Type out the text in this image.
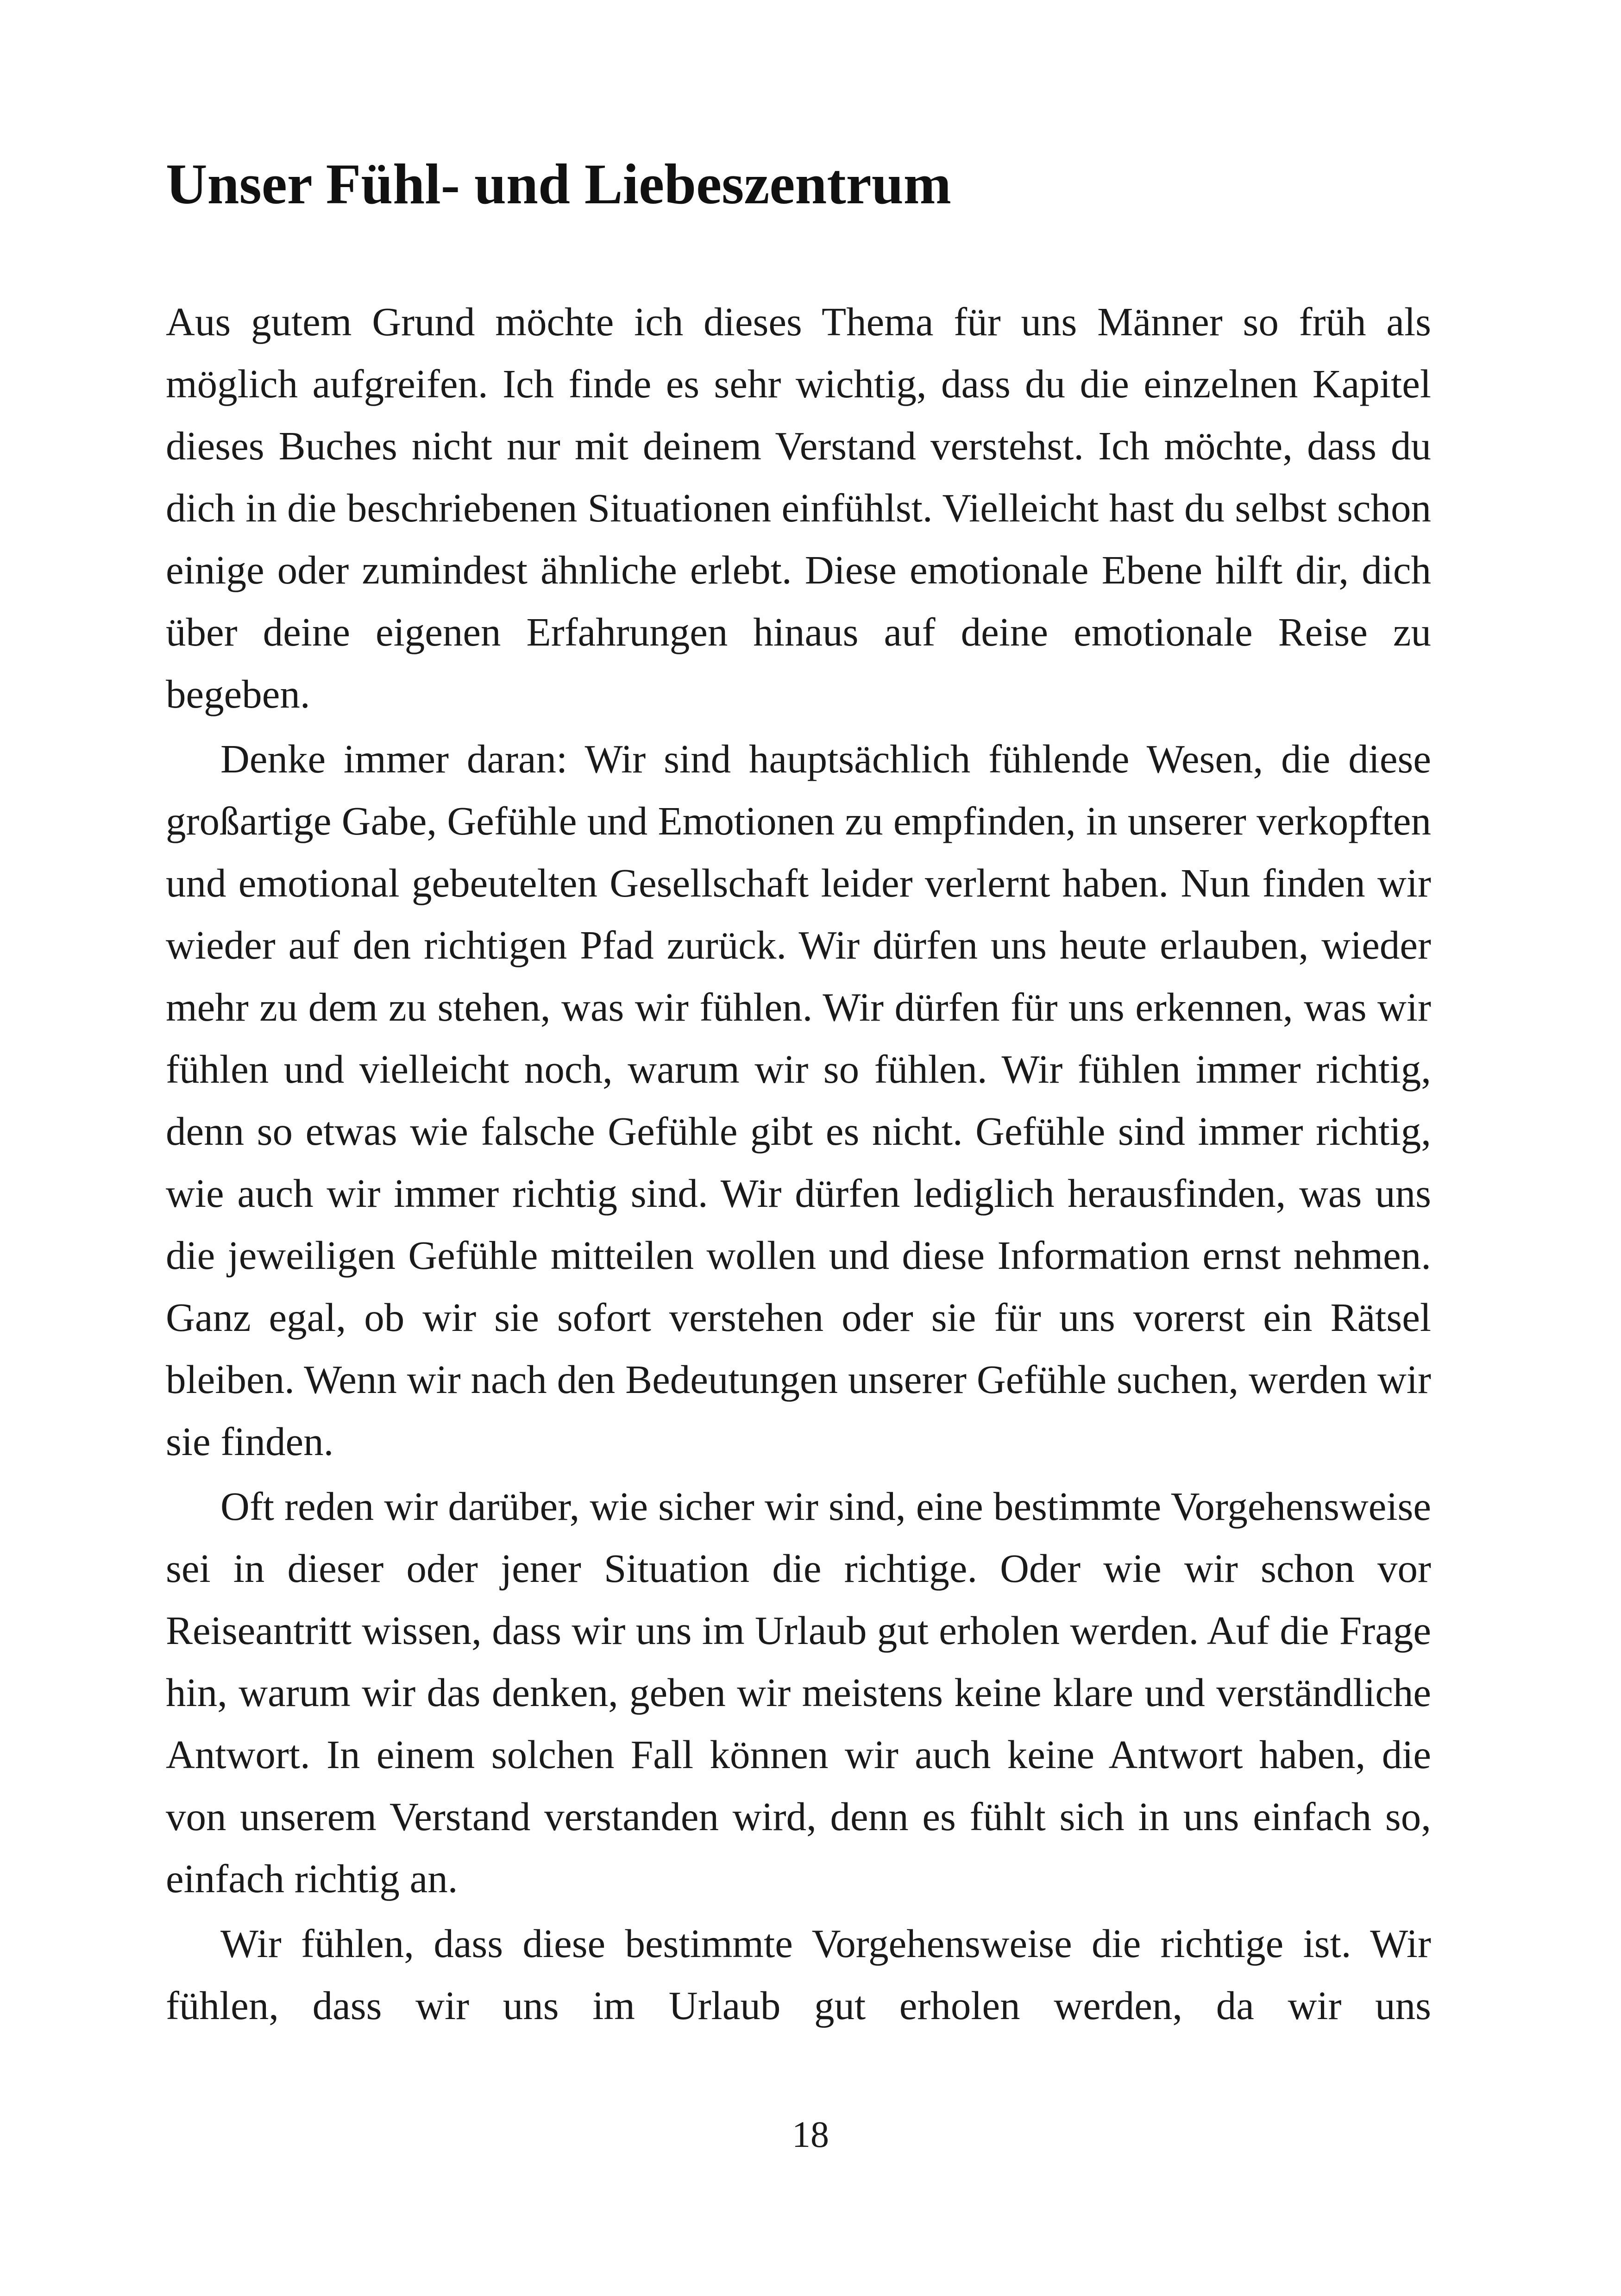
Unser Fühl- und Liebeszentrum

Aus gutem Grund möchte ich dieses Thema für uns Männer so früh als möglich aufgreifen. Ich finde es sehr wichtig, dass du die einzelnen Kapitel dieses Buches nicht nur mit deinem Verstand verstehst. Ich möchte, dass du dich in die beschriebenen Situationen einfühlst. Vielleicht hast du selbst schon einige oder zumindest ähnliche erlebt. Diese emotionale Ebene hilft dir, dich über deine eigenen Erfahrungen hinaus auf deine emotionale Reise zu begeben.

Denke immer daran: Wir sind hauptsächlich fühlende Wesen, die diese großartige Gabe, Gefühle und Emotionen zu empfinden, in unserer verkopften und emotional gebeutelten Gesellschaft leider verlernt haben. Nun finden wir wieder auf den richtigen Pfad zurück. Wir dürfen uns heute erlauben, wieder mehr zu dem zu stehen, was wir fühlen. Wir dürfen für uns erkennen, was wir fühlen und vielleicht noch, warum wir so fühlen. Wir fühlen immer richtig, denn so etwas wie falsche Gefühle gibt es nicht. Gefühle sind immer richtig, wie auch wir immer richtig sind. Wir dürfen lediglich herausfinden, was uns die jeweiligen Gefühle mitteilen wollen und diese Information ernst nehmen. Ganz egal, ob wir sie sofort verstehen oder sie für uns vorerst ein Rätsel bleiben. Wenn wir nach den Bedeutungen unserer Gefühle suchen, werden wir sie finden.

Oft reden wir darüber, wie sicher wir sind, eine bestimmte Vorgehensweise sei in dieser oder jener Situation die richtige. Oder wie wir schon vor Reiseantritt wissen, dass wir uns im Urlaub gut erholen werden. Auf die Frage hin, warum wir das denken, geben wir meistens keine klare und verständliche Antwort. In einem solchen Fall können wir auch keine Antwort haben, die von unserem Verstand verstanden wird, denn es fühlt sich in uns einfach so, einfach richtig an.

Wir fühlen, dass diese bestimmte Vorgehensweise die richtige ist. Wir fühlen, dass wir uns im Urlaub gut erholen werden, da wir uns

18
